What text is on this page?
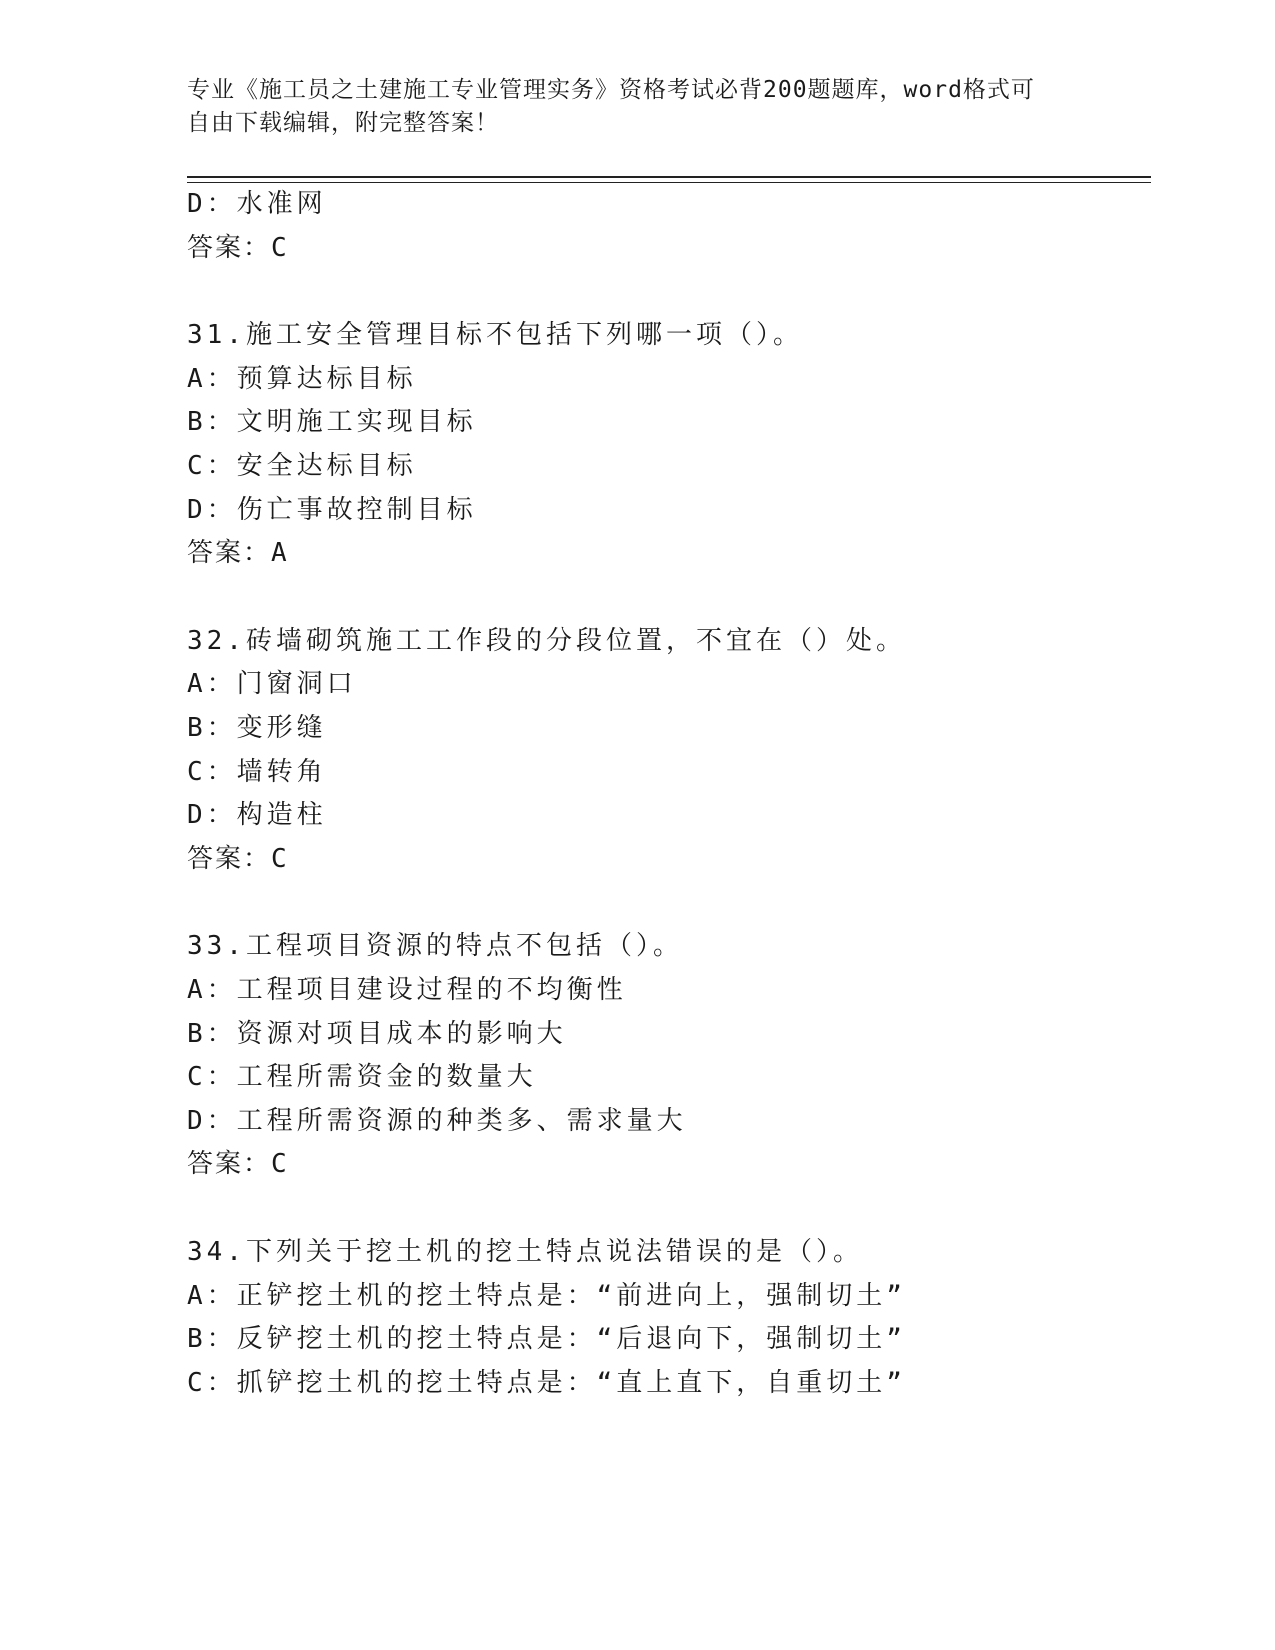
专业《施工员之土建施工专业管理实务》资格考试必背200题题库，word格式可
自由下载编辑，附完整答案！
D：水准网
答案：C
31.施工安全管理目标不包括下列哪一项（）。
A：预算达标目标
B：文明施工实现目标
C：安全达标目标
D：伤亡事故控制目标
答案：A
32.砖墙砌筑施工工作段的分段位置，不宜在（）处。
A：门窗洞口
B：变形缝
C：墙转角
D：构造柱
答案：C
33.工程项目资源的特点不包括（）。
A：工程项目建设过程的不均衡性
B：资源对项目成本的影响大
C：工程所需资金的数量大
D：工程所需资源的种类多、需求量大
答案：C
34.下列关于挖土机的挖土特点说法错误的是（）。
A：正铲挖土机的挖土特点是：“前进向上，强制切土”
B：反铲挖土机的挖土特点是：“后退向下，强制切土”
C：抓铲挖土机的挖土特点是：“直上直下，自重切土”
